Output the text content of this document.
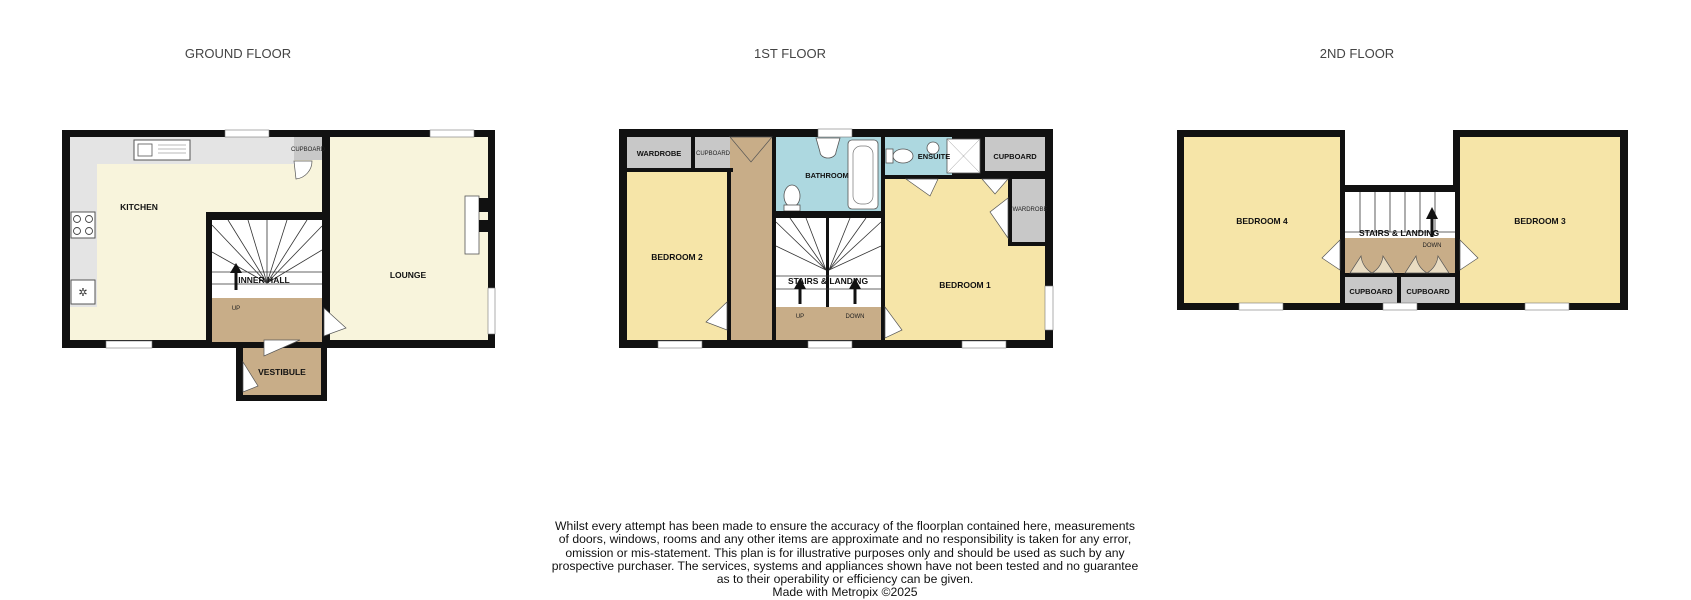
GROUND FLOOR	1ST FLOOR	2ND FLOOR
✲
KITCHEN
LOUNGE
INNER HALL
VESTIBULE
CUPBOARD
UP
WARDROBE CUPBOARD
BATHROOM
ENSUITE	CUPBOARD
WARDROBE
BEDROOM 2
STAIRS & LANDING	BEDROOM 1
UP	DOWN
BEDROOM 4	BEDROOM 3
STAIRS & LANDING
DOWN
CUPBOARD CUPBOARD
Whilst every attempt has been made to ensure the accuracy of the floorplan contained here, measurements
of doors, windows, rooms and any other items are approximate and no responsibility is taken for any error,
omission or mis-statement. This plan is for illustrative purposes only and should be used as such by any
prospective purchaser. The services, systems and appliances shown have not been tested and no guarantee
as to their operability or efficiency can be given.
Made with Metropix ©2025
